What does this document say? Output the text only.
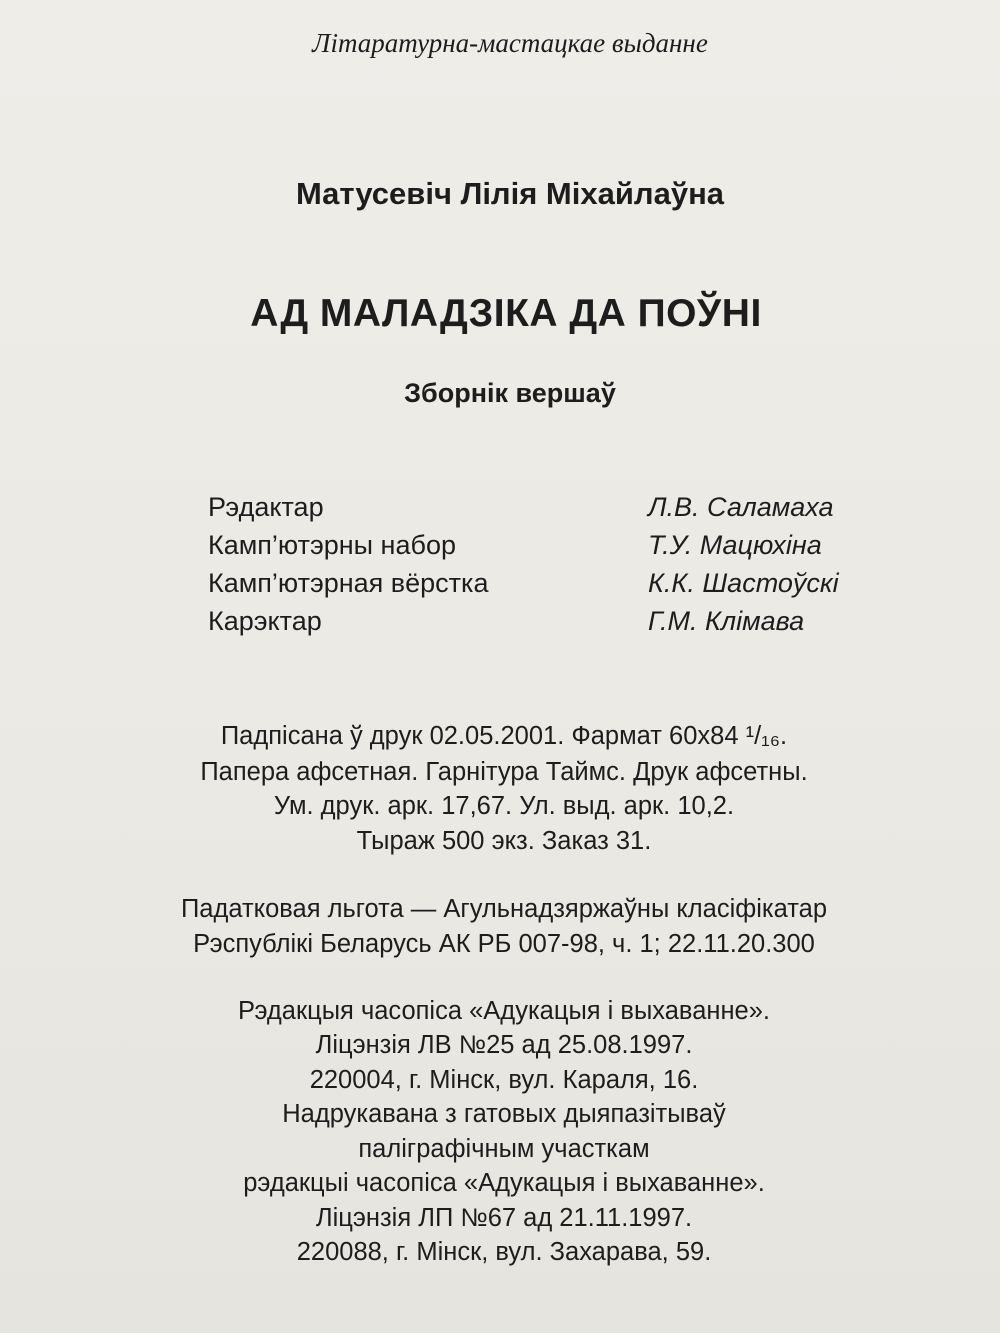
Літаратурна-мастацкае выданне
Матусевіч Лілія Міхайлаўна
АД МАЛАДЗІКА ДА ПОЎНІ
Зборнік вершаў
Рэдактар	Л.В. Саламаха
Камп’ютэрны набор	Т.У. Мацюхіна
Камп’ютэрная вёрстка	К.К. Шастоўскі
Карэктар	Г.М. Клімава
Падпісана ў друк 02.05.2001. Фармат 60x84 ¹/₁₆.
Папера афсетная. Гарнітура Таймс. Друк афсетны.
Ум. друк. арк. 17,67. Ул. выд. арк. 10,2.
Тыраж 500 экз. Заказ 31.
Падатковая льгота — Агульнадзяржаўны класіфікатар
Рэспублікі Беларусь АК РБ 007-98, ч. 1; 22.11.20.300
Рэдакцыя часопіса «Адукацыя і выхаванне».
Ліцэнзія ЛВ №25 ад 25.08.1997.
220004, г. Мінск, вул. Караля, 16.
Надрукавана з гатовых дыяпазітываў
паліграфічным участкам
рэдакцыі часопіса «Адукацыя і выхаванне».
Ліцэнзія ЛП №67 ад 21.11.1997.
220088, г. Мінск, вул. Захарава, 59.
